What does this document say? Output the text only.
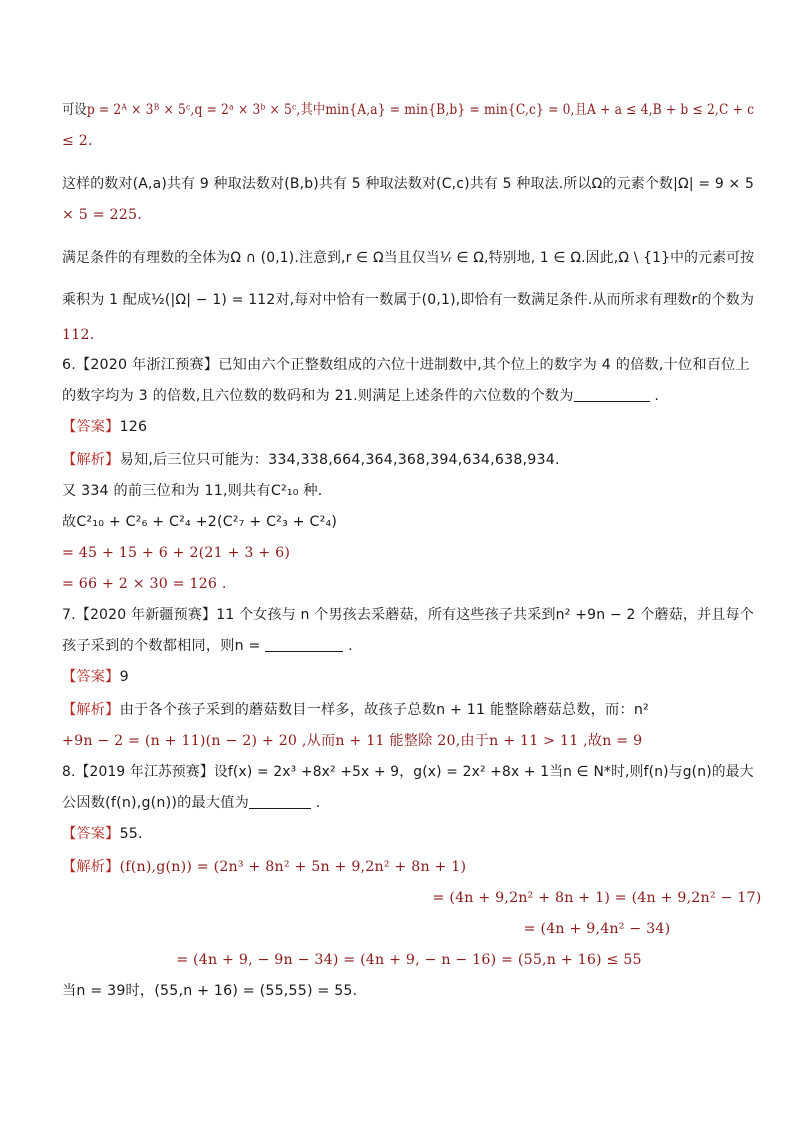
可设p = 2ᴬ × 3ᴮ × 5ᶜ,q = 2ᵃ × 3ᵇ × 5ᶜ,其中min{A,a} = min{B,b} = min{C,c} = 0,且A + a ≤ 4,B + b ≤ 2,C + c
≤ 2.
这样的数对(A,a)共有 9 种取法数对(B,b)共有 5 种取法数对(C,c)共有 5 种取法.所以Ω的元素个数|Ω| = 9 × 5
× 5 = 225.
满足条件的有理数的全体为Ω ∩ (0,1).注意到,r ∈ Ω当且仅当¹⁄ᵣ ∈ Ω,特别地, 1 ∈ Ω.因此,Ω \ {1}中的元素可按
乘积为 1 配成½(|Ω| − 1) = 112对,每对中恰有一数属于(0,1),即恰有一数满足条件.从而所求有理数r的个数为
112.
6.【2020 年浙江预赛】已知由六个正整数组成的六位十进制数中,其个位上的数字为 4 的倍数,十位和百位上
的数字均为 3 的倍数,且六位数的数码和为 21.则满足上述条件的六位数的个数为	.
【答案】126
【解析】易知,后三位只可能为：334,338,664,364,368,394,634,638,934.
又 334 的前三位和为 11,则共有C²₁₀ 种.
故C²₁₀ + C²₆ + C²₄ +2(C²₇ + C²₃ + C²₄)
= 45 + 15 + 6 + 2(21 + 3 + 6)
= 66 + 2 × 30 = 126 .
7.【2020 年新疆预赛】11 个女孩与 n 个男孩去采蘑菇，所有这些孩子共采到n² +9n − 2 个蘑菇，并且每个
孩子采到的个数都相同，则n =	.
【答案】9
【解析】由于各个孩子采到的蘑菇数目一样多，故孩子总数n + 11 能整除蘑菇总数，而：n²
+9n − 2 = (n + 11)(n − 2) + 20 ,从而n + 11 能整除 20,由于n + 11 > 11 ,故n = 9
8.【2019 年江苏预赛】设f(x) = 2x³ +8x² +5x + 9，g(x) = 2x² +8x + 1当n ∈ N*时,则f(n)与g(n)的最大
公因数(f(n),g(n))的最大值为	.
【答案】55.
【解析】(f(n),g(n)) = (2n³ + 8n² + 5n + 9,2n² + 8n + 1)
= (4n + 9,2n² + 8n + 1) = (4n + 9,2n² − 17)
= (4n + 9,4n² − 34)
= (4n + 9, − 9n − 34) = (4n + 9, − n − 16) = (55,n + 16) ≤ 55
当n = 39时，(55,n + 16) = (55,55) = 55.
